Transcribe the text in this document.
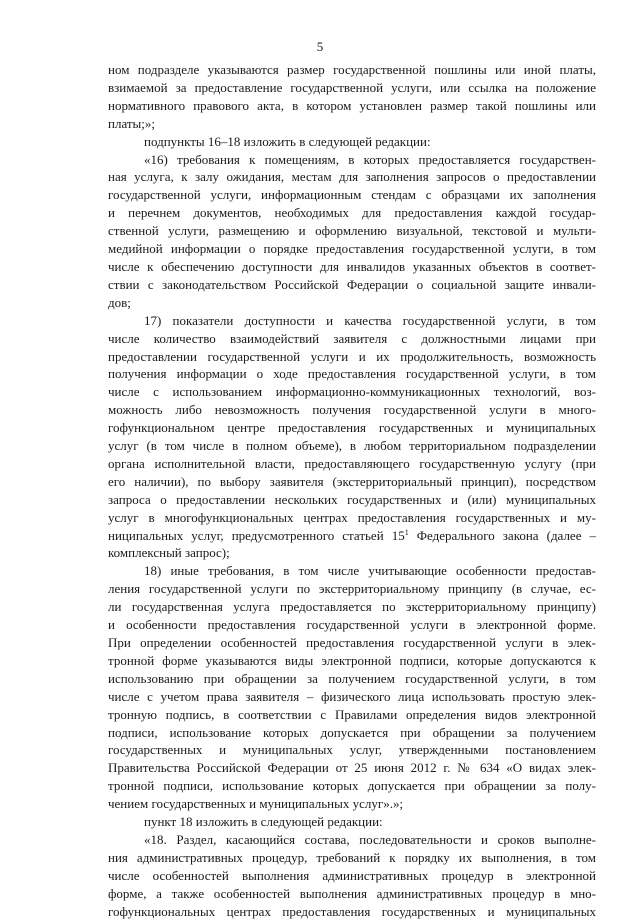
5
ном подразделе указываются размер государственной пошлины или иной платы,
взимаемой за предоставление государственной услуги, или ссылка на положение
нормативного правового акта, в котором установлен размер такой пошлины или
платы;»;
подпункты 16–18 изложить в следующей редакции:
«16) требования к помещениям, в которых предоставляется государствен-
ная услуга, к залу ожидания, местам для заполнения запросов о предоставлении
государственной услуги, информационным стендам с образцами их заполнения
и перечнем документов, необходимых для предоставления каждой государ-
ственной услуги, размещению и оформлению визуальной, текстовой и мульти-
медийной информации о порядке предоставления государственной услуги, в том
числе к обеспечению доступности для инвалидов указанных объектов в соответ-
ствии с законодательством Российской Федерации о социальной защите инвали-
дов;
17) показатели доступности и качества государственной услуги, в том
числе количество взаимодействий заявителя с должностными лицами при
предоставлении государственной услуги и их продолжительность, возможность
получения информации о ходе предоставления государственной услуги, в том
числе с использованием информационно-коммуникационных технологий, воз-
можность либо невозможность получения государственной услуги в много-
гофункциональном центре предоставления государственных и муниципальных
услуг (в том числе в полном объеме), в любом территориальном подразделении
органа исполнительной власти, предоставляющего государственную услугу (при
его наличии), по выбору заявителя (экстерриториальный принцип), посредством
запроса о предоставлении нескольких государственных и (или) муниципальных
услуг в многофункциональных центрах предоставления государственных и му-
ниципальных услуг, предусмотренного статьей $15^1$ Федерального закона (далее –
комплексный запрос);
18) иные требования, в том числе учитывающие особенности предостав-
ления государственной услуги по экстерриториальному принципу (в случае, ес-
ли государственная услуга предоставляется по экстерриториальному принципу)
и особенности предоставления государственной услуги в электронной форме.
При определении особенностей предоставления государственной услуги в элек-
тронной форме указываются виды электронной подписи, которые допускаются к
использованию при обращении за получением государственной услуги, в том
числе с учетом права заявителя – физического лица использовать простую элек-
тронную подпись, в соответствии с Правилами определения видов электронной
подписи, использование которых допускается при обращении за получением
государственных и муниципальных услуг, утвержденными постановлением
Правительства Российской Федерации от 25 июня 2012 г. № 634 «О видах элек-
тронной подписи, использование которых допускается при обращении за полу-
чением государственных и муниципальных услуг».»;
пункт 18 изложить в следующей редакции:
«18. Раздел, касающийся состава, последовательности и сроков выполне-
ния административных процедур, требований к порядку их выполнения, в том
числе особенностей выполнения административных процедур в электронной
форме, а также особенностей выполнения административных процедур в мно-
гофункциональных центрах предоставления государственных и муниципальных
